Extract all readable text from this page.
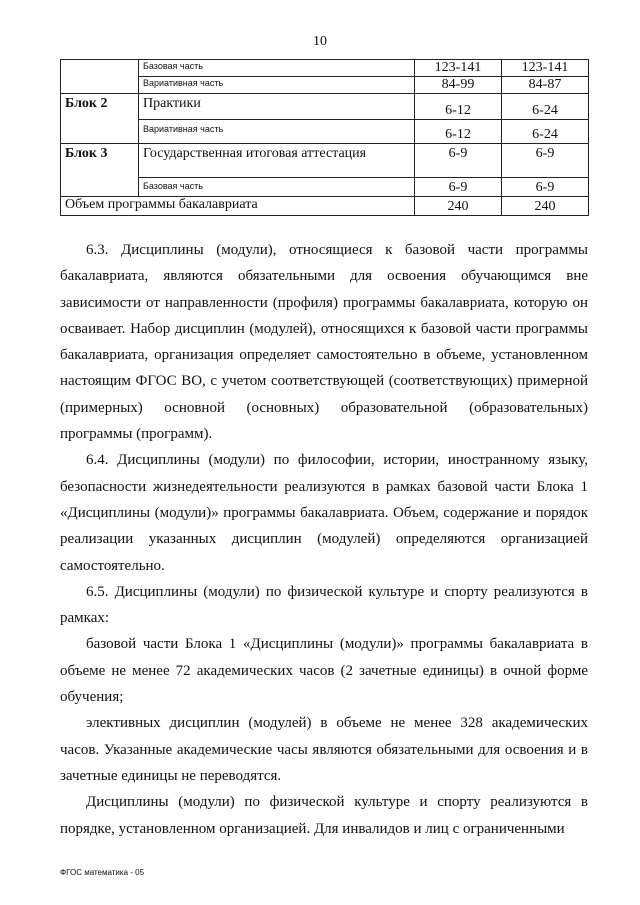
10
	Базовая часть	123-141	123-141
	Вариативная часть	84-99	84-87
Блок 2	Практики	6-12	6-24
	Вариативная часть	6-12	6-24
Блок 3	Государственная итоговая аттестация	6-9	6-9
	Базовая часть	6-9	6-9
Объем программы бакалавриата		240	240

6.3. Дисциплины (модули), относящиеся к базовой части программы бакалавриата, являются обязательными для освоения обучающимся вне зависимости от направленности (профиля) программы бакалавриата, которую он осваивает. Набор дисциплин (модулей), относящихся к базовой части программы бакалавриата, организация определяет самостоятельно в объеме, установленном настоящим ФГОС ВО, с учетом соответствующей (соответствующих) примерной (примерных) основной (основных) образовательной (образовательных) программы (программ).

6.4. Дисциплины (модули) по философии, истории, иностранному языку, безопасности жизнедеятельности реализуются в рамках базовой части Блока 1 «Дисциплины (модули)» программы бакалавриата. Объем, содержание и порядок реализации указанных дисциплин (модулей) определяются организацией самостоятельно.

6.5. Дисциплины (модули) по физической культуре и спорту реализуются в рамках:

базовой части Блока 1 «Дисциплины (модули)» программы бакалавриата в объеме не менее 72 академических часов (2 зачетные единицы) в очной форме обучения;

элективных дисциплин (модулей) в объеме не менее 328 академических часов. Указанные академические часы являются обязательными для освоения и в зачетные единицы не переводятся.

Дисциплины (модули) по физической культуре и спорту реализуются в порядке, установленном организацией. Для инвалидов и лиц с ограниченными

ФГОС математика - 05
